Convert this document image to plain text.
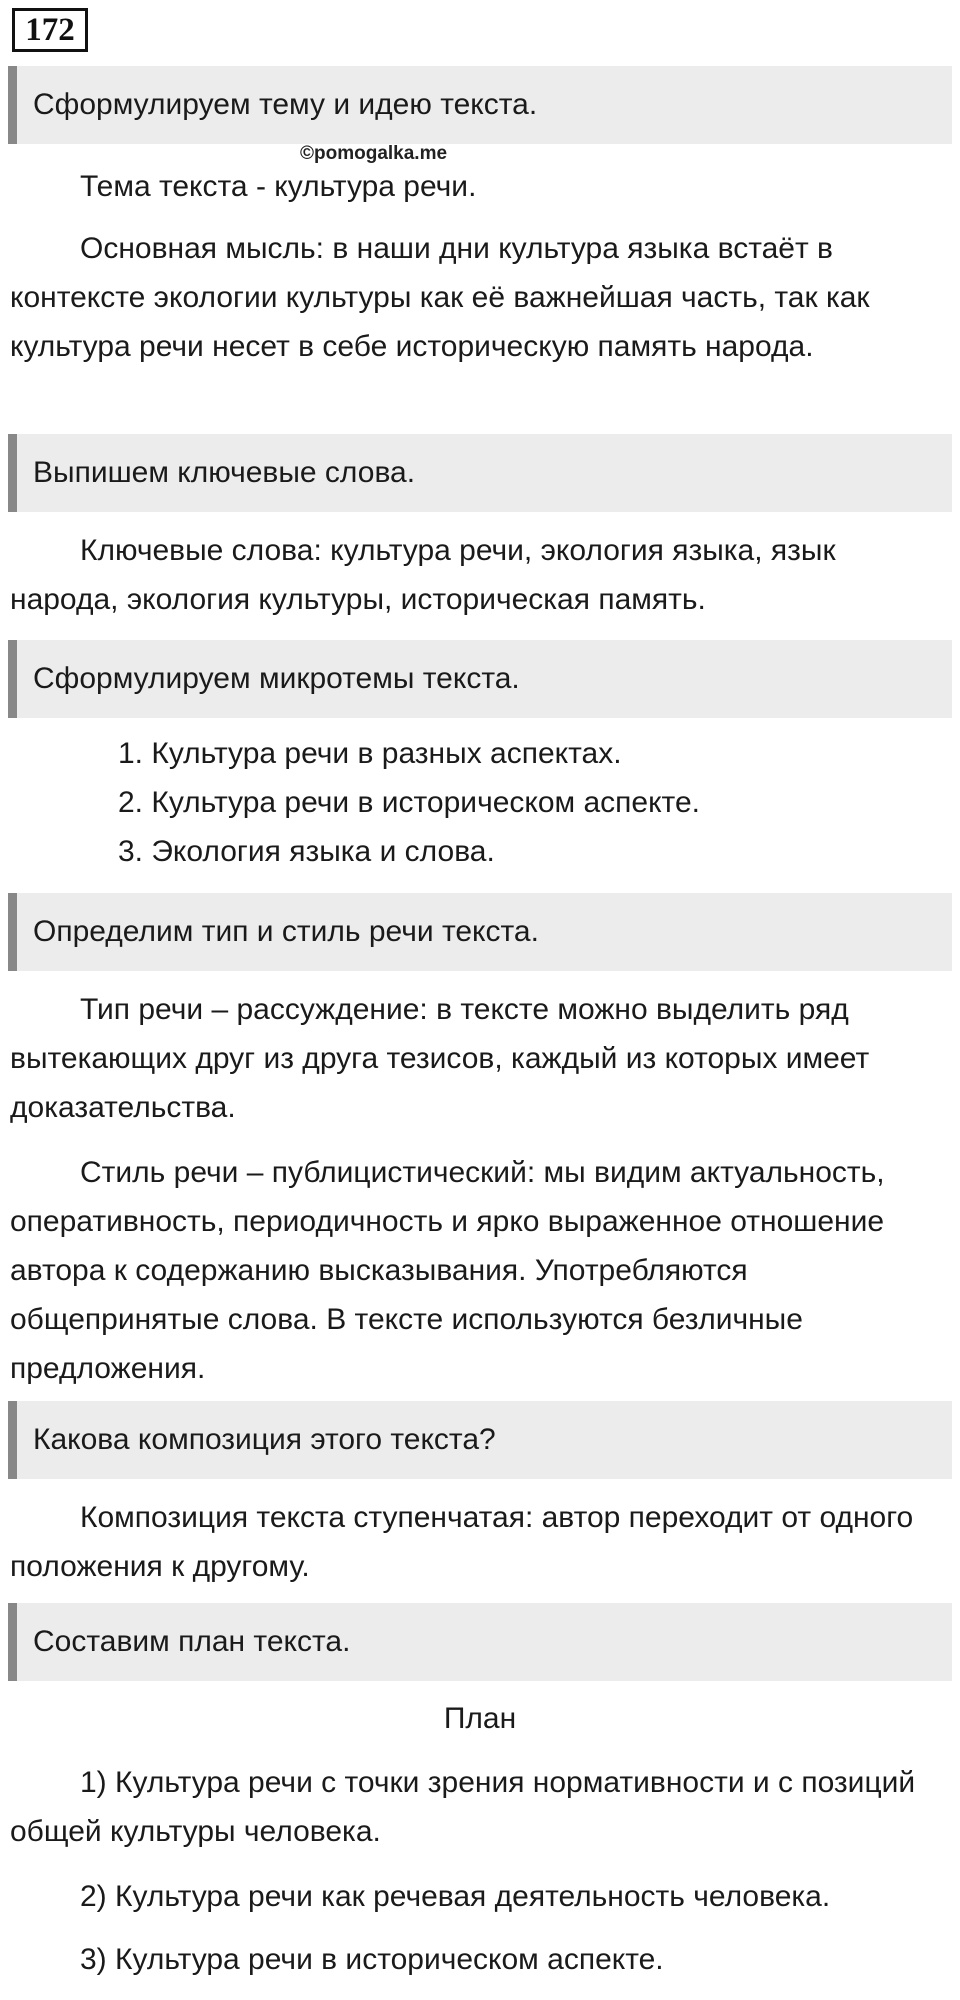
172
Сформулируем тему и идею текста.
©pomogalka.me

Тема текста - культура речи.

Основная мысль: в наши дни культура языка встаёт в контексте экологии культуры как её важнейшая часть, так как культура речи несет в себе историческую память народа.

Выпишем ключевые слова.

Ключевые слова: культура речи, экология языка, язык народа, экология культуры, историческая память.

Сформулируем микротемы текста.
1. Культура речи в разных аспектах.
2. Культура речи в историческом аспекте.
3. Экология языка и слова.
Определим тип и стиль речи текста.

Тип речи – рассуждение: в тексте можно выделить ряд вытекающих друг из друга тезисов, каждый из которых имеет доказательства.

Стиль речи – публицистический: мы видим актуальность, оперативность, периодичность и ярко выраженное отношение автора к содержанию высказывания. Употребляются общепринятые слова. В тексте используются безличные предложения.

Какова композиция этого текста?

Композиция текста ступенчатая: автор переходит от одного положения к другому.

Составим план текста.
План

1) Культура речи с точки зрения нормативности и с позиций общей культуры человека.

2) Культура речи как речевая деятельность человека.

3) Культура речи в историческом аспекте.
